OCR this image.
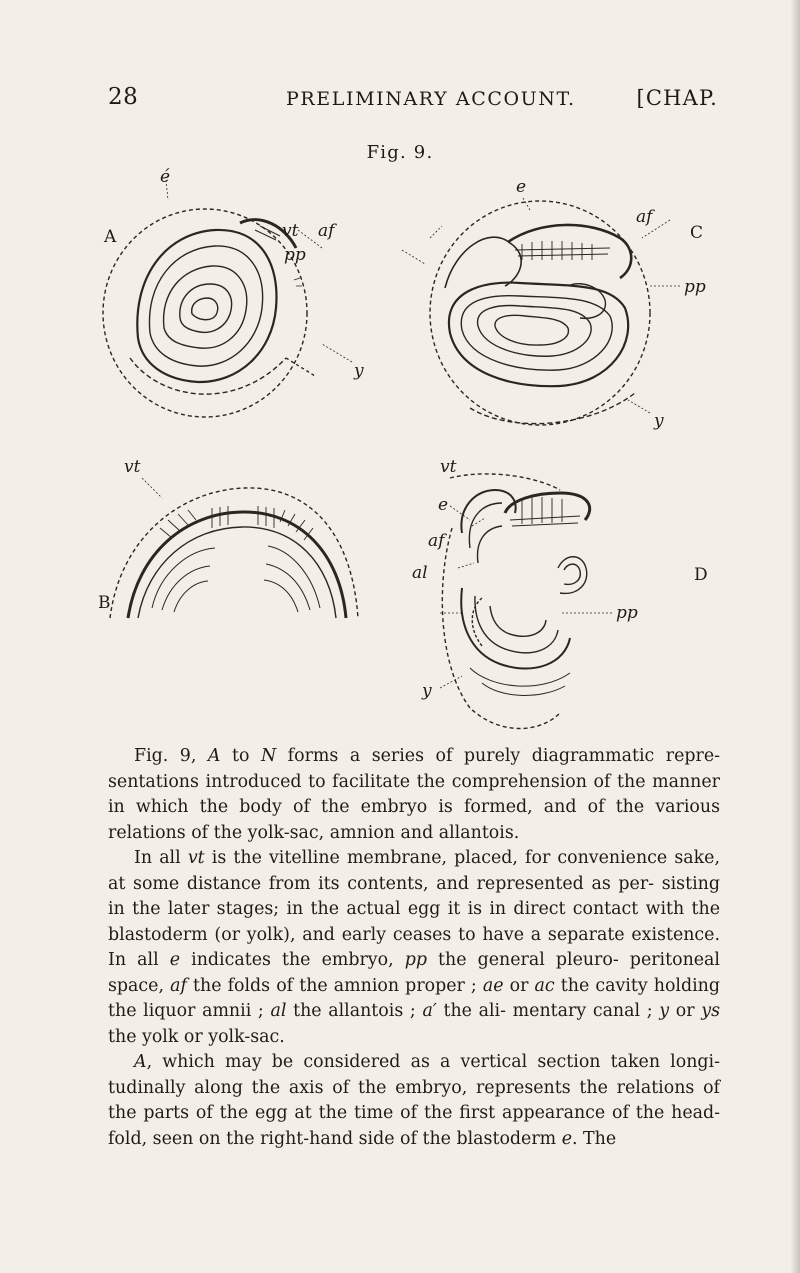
28	PRELIMINARY ACCOUNT.	[CHAP.
Fig. 9.
A	C
B
D
é
vt af
pp
y
e
af
pp
y
vt	vt
e
af
al
pp
y

Fig. 9, A to N forms a series of purely diagrammatic repre- sentations introduced to facilitate the comprehension of the manner in which the body of the embryo is formed, and of the various relations of the yolk-sac, amnion and allantois.

In all vt is the vitelline membrane, placed, for convenience sake, at some distance from its contents, and represented as per- sisting in the later stages; in the actual egg it is in direct contact with the blastoderm (or yolk), and early ceases to have a separate existence. In all e indicates the embryo, pp the general pleuro- peritoneal space, af the folds of the amnion proper ; ae or ac the cavity holding the liquor amnii ; al the allantois ; a′ the ali- mentary canal ; y or ys the yolk or yolk-sac.

A, which may be considered as a vertical section taken longi- tudinally along the axis of the embryo, represents the relations of the parts of the egg at the time of the first appearance of the head-fold, seen on the right-hand side of the blastoderm e. The
